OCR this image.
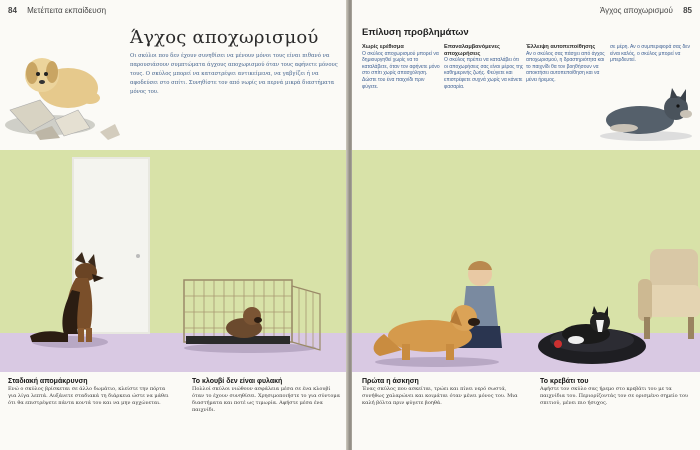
84 Μετέπειτα εκπαίδευση
Άγχος αποχωρισμού
Οι σκύλοι που δεν έχουν συνηθίσει να μένουν μόνοι τους είναι πιθανό να παρουσιάσουν συμπτώματα άγχους αποχωρισμού όταν τους αφήνετε μόνους τους. Ο σκύλος μπορεί να καταστρέψει αντικείμενα, να γαβγίζει ή να αφοδεύσει στο σπίτι. Συνηθίστε τον από νωρίς να περνά μικρά διαστήματα μόνος του.
Σταδιακή απομάκρυνση
Ενώ ο σκύλος βρίσκεται σε άλλο δωμάτιο, κλείστε την πόρτα για λίγα λεπτά. Αυξάνετε σταδιακά τη διάρκεια ώστε να μάθει ότι θα επιστρέψετε πάντα κοντά του και να μην αγχώνεται.
Το κλουβί δεν είναι φυλακή
Πολλοί σκύλοι νιώθουν ασφάλεια μέσα σε ένα κλουβί όταν το έχουν συνηθίσει. Χρησιμοποιήστε το για σύντομα διαστήματα και ποτέ ως τιμωρία. Αφήστε μέσα ένα παιχνίδι.
Άγχος αποχωρισμού 85
Επίλυση προβλημάτων
Χωρίς ερέθισμα
Ο σκύλος αποχωρισμού μπορεί να δημιουργηθεί χωρίς να το καταλάβετε, όταν τον αφήνετε μόνο στο σπίτι χωρίς απασχόληση. Δώστε του ένα παιχνίδι πριν φύγετε.
Επαναλαμβανόμενες αποχωρήσεις
Ο σκύλος πρέπει να καταλάβει ότι οι αποχωρήσεις σας είναι μέρος της καθημερινής ζωής. Φεύγετε και επιστρέφετε συχνά χωρίς να κάνετε φασαρία.
Έλλειψη αυτοπεποίθησης
Αν ο σκύλος σας πάσχει από άγχος αποχωρισμού, η δραστηριότητα και το παιχνίδι θα τον βοηθήσουν να αποκτήσει αυτοπεποίθηση και να μένει ήρεμος.
σε μέρη. Αν ο συμπεριφορά σας δεν είναι καλός, ο σκύλος μπορεί να μπερδευτεί.
Πρώτα η άσκηση
Ένας σκύλος που ασκείται, τρώει και πίνει νερό σωστά, συνήθως χαλαρώνει και κοιμάται όταν μένει μόνος του. Μια καλή βόλτα πριν φύγετε βοηθά.
Το κρεβάτι του
Αφήστε τον σκύλο σας ήρεμο στο κρεβάτι του με τα παιχνίδια του. Περιορίζοντάς τον σε ορισμένο σημείο του σπιτιού, μένει πιο ήσυχος.
